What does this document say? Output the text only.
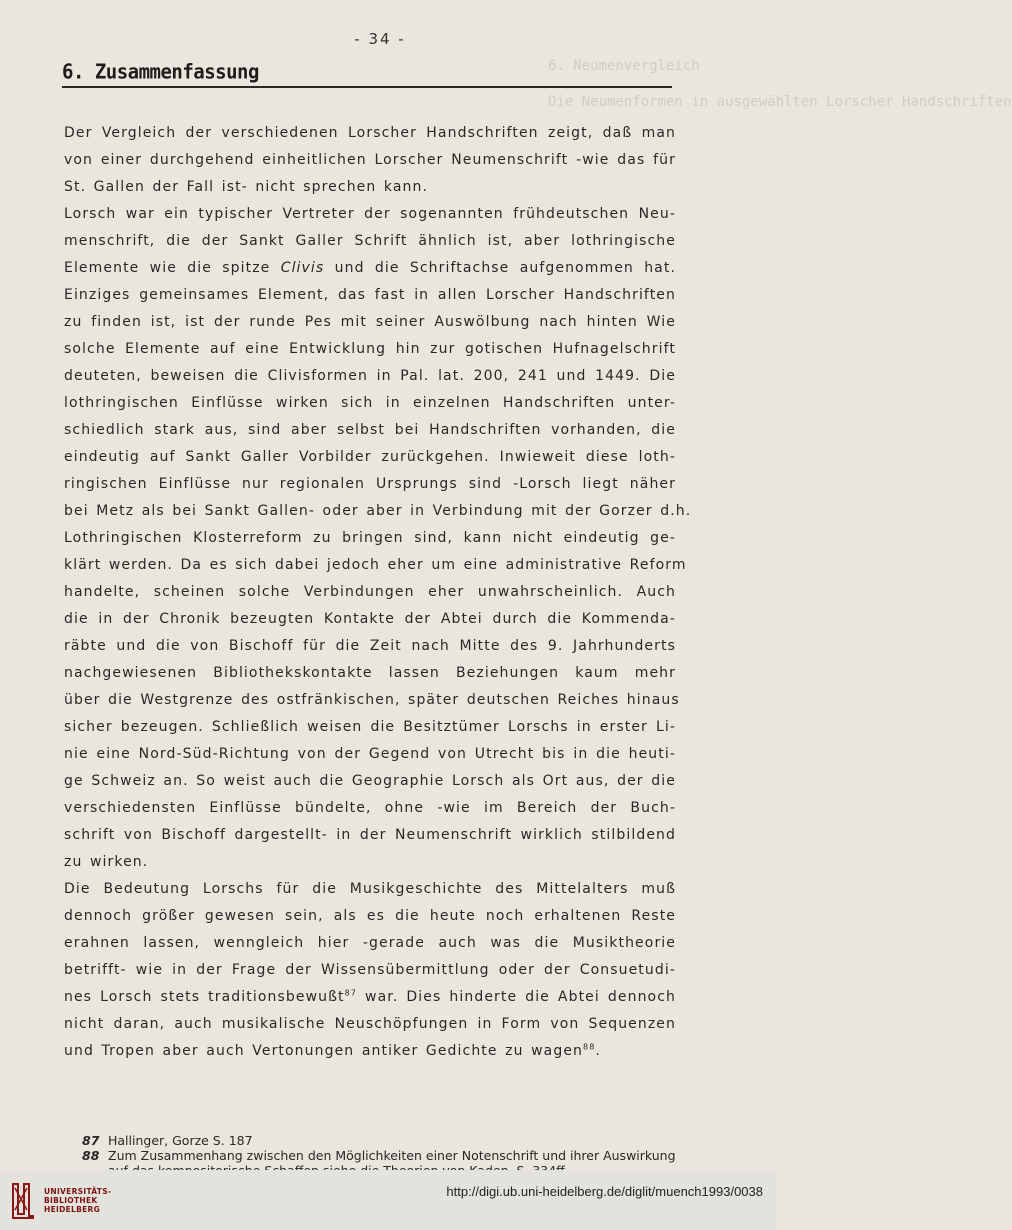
- 34 -
6. Neumenvergleich
Die Neumenformen in ausgewählten Lorscher Handschriften
6. Zusammenfassung
Der Vergleich der verschiedenen Lorscher Handschriften zeigt, daß man
von einer durchgehend einheitlichen Lorscher Neumenschrift -wie das für
St. Gallen der Fall ist- nicht sprechen kann.
Lorsch war ein typischer Vertreter der sogenannten frühdeutschen Neu-
menschrift, die der Sankt Galler Schrift ähnlich ist, aber lothringische
Elemente wie die spitze Clivis und die Schriftachse aufgenommen hat.
Einziges gemeinsames Element, das fast in allen Lorscher Handschriften
zu finden ist, ist der runde Pes mit seiner Auswölbung nach hinten Wie
solche Elemente auf eine Entwicklung hin zur gotischen Hufnagelschrift
deuteten, beweisen die Clivisformen in Pal. lat. 200, 241 und 1449. Die
lothringischen Einflüsse wirken sich in einzelnen Handschriften unter-
schiedlich stark aus, sind aber selbst bei Handschriften vorhanden, die
eindeutig auf Sankt Galler Vorbilder zurückgehen. Inwieweit diese loth-
ringischen Einflüsse nur regionalen Ursprungs sind -Lorsch liegt näher
bei Metz als bei Sankt Gallen- oder aber in Verbindung mit der Gorzer d.h.
Lothringischen Klosterreform zu bringen sind, kann nicht eindeutig ge-
klärt werden. Da es sich dabei jedoch eher um eine administrative Reform
handelte, scheinen solche Verbindungen eher unwahrscheinlich. Auch
die in der Chronik bezeugten Kontakte der Abtei durch die Kommenda-
räbte und die von Bischoff für die Zeit nach Mitte des 9. Jahrhunderts
nachgewiesenen Bibliothekskontakte lassen Beziehungen kaum mehr
über die Westgrenze des ostfränkischen, später deutschen Reiches hinaus
sicher bezeugen. Schließlich weisen die Besitztümer Lorschs in erster Li-
nie eine Nord-Süd-Richtung von der Gegend von Utrecht bis in die heuti-
ge Schweiz an. So weist auch die Geographie Lorsch als Ort aus, der die
verschiedensten Einflüsse bündelte, ohne -wie im Bereich der Buch-
schrift von Bischoff dargestellt- in der Neumenschrift wirklich stilbildend
zu wirken.
Die Bedeutung Lorschs für die Musikgeschichte des Mittelalters muß
dennoch größer gewesen sein, als es die heute noch erhaltenen Reste
erahnen lassen, wenngleich hier -gerade auch was die Musiktheorie
betrifft- wie in der Frage der Wissensübermittlung oder der Consuetudi-
nes Lorsch stets traditionsbewußt$^{87}$ war. Dies hinderte die Abtei dennoch
nicht daran, auch musikalische Neuschöpfungen in Form von Sequenzen
und Tropen aber auch Vertonungen antiker Gedichte zu wagen$^{88}$.
87 Hallinger, Gorze S. 187
88 Zum Zusammenhang zwischen den Möglichkeiten einer Notenschrift und ihrer Auswirkung
UNIVERSITÄTS-
BIBLIOTHEK
HEIDELBERG
http://digi.ub.uni-heidelberg.de/diglit/muench1993/0038
